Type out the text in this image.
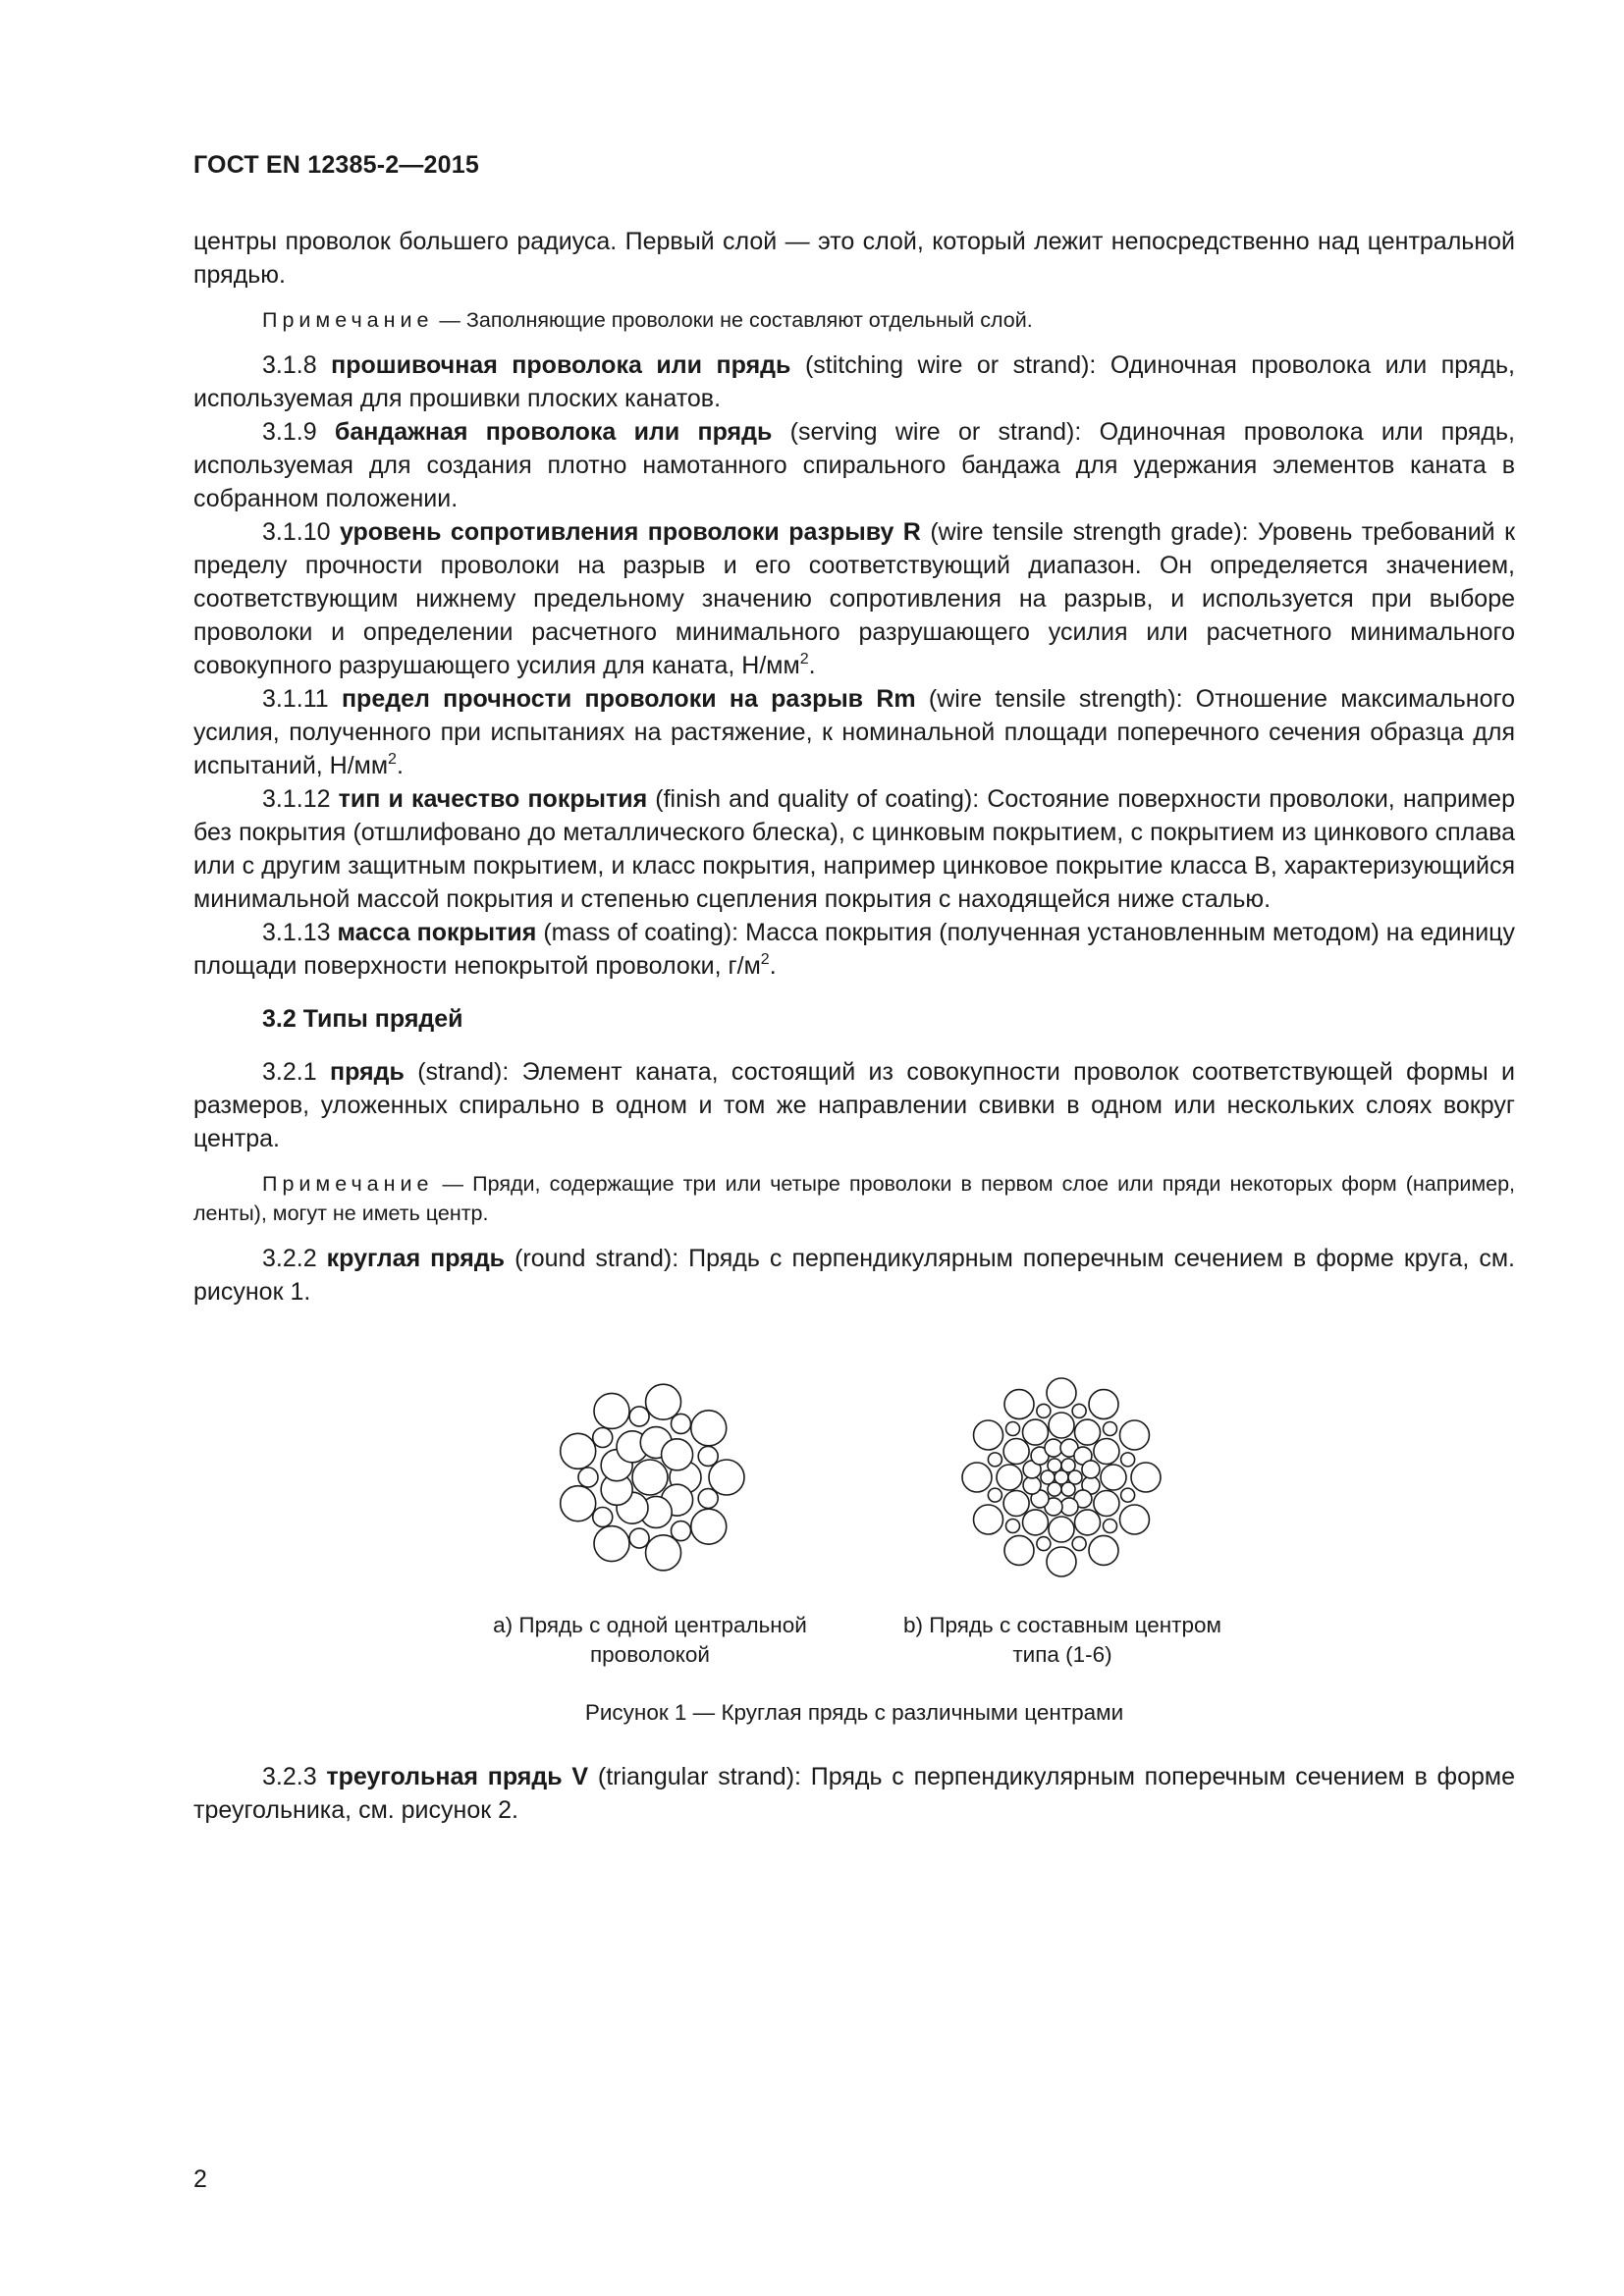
ГОСТ EN 12385-2—2015

центры проволок большего радиуса. Первый слой — это слой, который лежит непосредственно над центральной прядью.

Примечание — Заполняющие проволоки не составляют отдельный слой.

3.1.8 прошивочная проволока или прядь (stitching wire or strand): Одиночная проволока или прядь, используемая для прошивки плоских канатов.

3.1.9 бандажная проволока или прядь (serving wire or strand): Одиночная проволока или прядь, используемая для создания плотно намотанного спирального бандажа для удержания элементов каната в собранном положении.

3.1.10 уровень сопротивления проволоки разрыву R (wire tensile strength grade): Уровень требований к пределу прочности проволоки на разрыв и его соответствующий диапазон. Он определяется значением, соответствующим нижнему предельному значению сопротивления на разрыв, и используется при выборе проволоки и определении расчетного минимального разрушающего усилия или расчетного минимального совокупного разрушающего усилия для каната, $Н/мм^2$.

3.1.11 предел прочности проволоки на разрыв Rm (wire tensile strength): Отношение максимального усилия, полученного при испытаниях на растяжение, к номинальной площади поперечного сечения образца для испытаний, $Н/мм^2$.

3.1.12 тип и качество покрытия (finish and quality of coating): Состояние поверхности проволоки, например без покрытия (отшлифовано до металлического блеска), с цинковым покрытием, с покрытием из цинкового сплава или с другим защитным покрытием, и класс покрытия, например цинковое покрытие класса B, характеризующийся минимальной массой покрытия и степенью сцепления покрытия с находящейся ниже сталью.

3.1.13 масса покрытия (mass of coating): Масса покрытия (полученная установленным методом) на единицу площади поверхности непокрытой проволоки, $г/м^2$.

3.2 Типы прядей

3.2.1 прядь (strand): Элемент каната, состоящий из совокупности проволок соответствующей формы и размеров, уложенных спирально в одном и том же направлении свивки в одном или нескольких слоях вокруг центра.

Примечание — Пряди, содержащие три или четыре проволоки в первом слое или пряди некоторых форм (например, ленты), могут не иметь центр.

3.2.2 круглая прядь (round strand): Прядь с перпендикулярным поперечным сечением в форме круга, см. рисунок 1.

a) Прядь с одной центральной
проволокой
b) Прядь с составным центром
типа (1-6)
Рисунок 1 — Круглая прядь с различными центрами

3.2.3 треугольная прядь V (triangular strand): Прядь с перпендикулярным поперечным сечением в форме треугольника, см. рисунок 2.

2
